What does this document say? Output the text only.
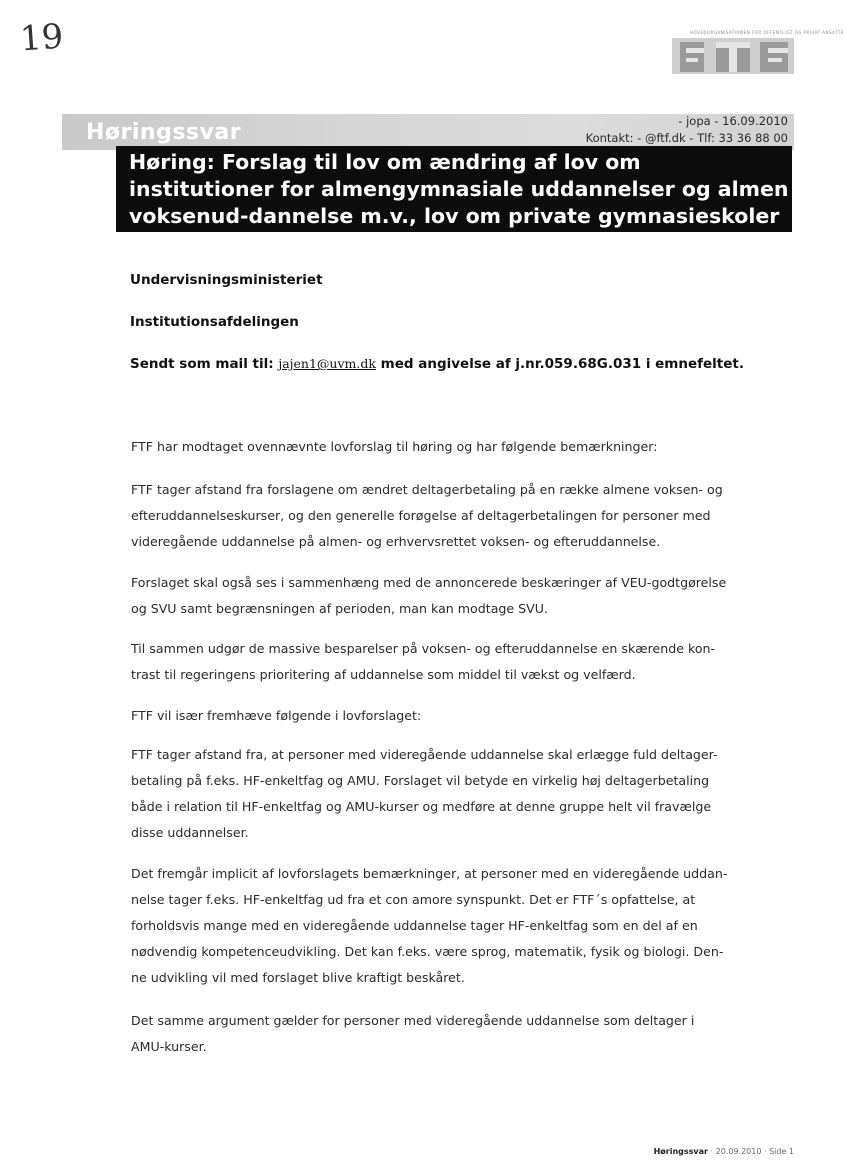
19	HOVEDORGANISATIONEN FOR OFFENTLIGT OG PRIVAT ANSATTE
Høringssvar	- jopa - 16.09.2010
Kontakt: - @ftf.dk - Tlf: 33 36 88 00
Høring: Forslag til lov om ændring af lov om institutioner for almengymnasiale uddannelser og almen voksenud-dannelse m.v., lov om private gymnasieskoler m.v.

Undervisningsministeriet

Institutionsafdelingen

Sendt som mail til: jajen1@uvm.dk med angivelse af j.nr.059.68G.031 i emnefeltet.

FTF har modtaget ovennævnte lovforslag til høring og har følgende bemærkninger:

FTF tager afstand fra forslagene om ændret deltagerbetaling på en række almene voksen- og efteruddannelseskurser, og den generelle forøgelse af deltagerbetalingen for personer med videregående uddannelse på almen- og erhvervsrettet voksen- og efteruddannelse.

Forslaget skal også ses i sammenhæng med de annoncerede beskæringer af VEU-godtgørelse og SVU samt begrænsningen af perioden, man kan modtage SVU.

Til sammen udgør de massive besparelser på voksen- og efteruddannelse en skærende kon-trast til regeringens prioritering af uddannelse som middel til vækst og velfærd.

FTF vil især fremhæve følgende i lovforslaget:

FTF tager afstand fra, at personer med videregående uddannelse skal erlægge fuld deltager-betaling på f.eks. HF-enkeltfag og AMU. Forslaget vil betyde en virkelig høj deltagerbetaling både i relation til HF-enkeltfag og AMU-kurser og medføre at denne gruppe helt vil fravælge disse uddannelser.

Det fremgår implicit af lovforslagets bemærkninger, at personer med en videregående uddan-nelse tager f.eks. HF-enkeltfag ud fra et con amore synspunkt. Det er FTF´s opfattelse, at forholdsvis mange med en videregående uddannelse tager HF-enkeltfag som en del af en nødvendig kompetenceudvikling. Det kan f.eks. være sprog, matematik, fysik og biologi. Den-ne udvikling vil med forslaget blive kraftigt beskåret.

Det samme argument gælder for personer med videregående uddannelse som deltager i AMU-kurser.

Høringssvar · 20.09.2010 · Side 1
